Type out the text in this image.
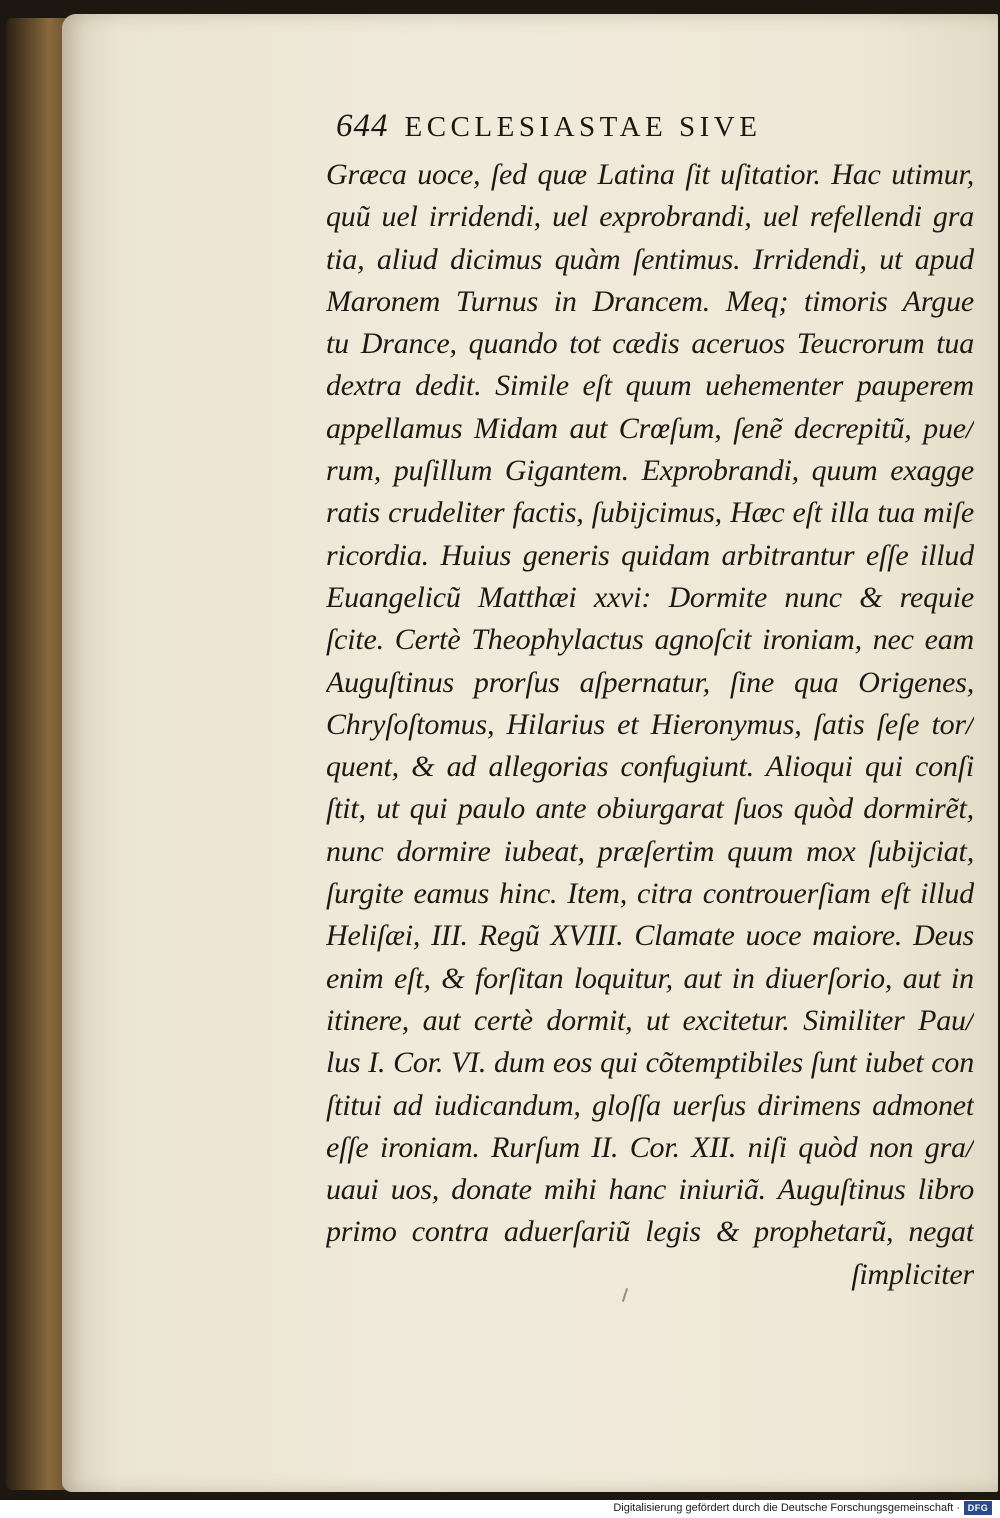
644 ECCLESIASTAE SIVE
Græca uoce, ſed quæ Latina ſit uſitatior. Hac utimur,
quũ uel irridendi, uel exprobrandi, uel refellendi gra
tia, aliud dicimus quàm ſentimus. Irridendi, ut apud
Maronem Turnus in Drancem. Meq; timoris Argue
tu Drance, quando tot cædis aceruos Teucrorum tua
dextra dedit. Simile eſt quum uehementer pauperem
appellamus Midam aut Crœſum, ſenẽ decrepitũ, pue/
rum, puſillum Gigantem. Exprobrandi, quum exagge
ratis crudeliter factis, ſubijcimus, Hæc eſt illa tua miſe
ricordia. Huius generis quidam arbitrantur eſſe illud
Euangelicũ Matthæi xxvi: Dormite nunc & requie
ſcite. Certè Theophylactus agnoſcit ironiam, nec eam
Auguſtinus prorſus aſpernatur, ſine qua Origenes,
Chryſoſtomus, Hilarius et Hieronymus, ſatis ſeſe tor/
quent, & ad allegorias confugiunt. Alioqui qui conſi
ſtit, ut qui paulo ante obiurgarat ſuos quòd dormirẽt,
nunc dormire iubeat, præſertim quum mox ſubijciat,
ſurgite eamus hinc. Item, citra controuerſiam eſt illud
Heliſæi, III. Regũ XVIII. Clamate uoce maiore. Deus
enim eſt, & forſitan loquitur, aut in diuerſorio, aut in
itinere, aut certè dormit, ut excitetur. Similiter Pau/
lus I. Cor. VI. dum eos qui cõtemptibiles ſunt iubet con
ſtitui ad iudicandum, gloſſa uerſus dirimens admonet
eſſe ironiam. Rurſum II. Cor. XII. niſi quòd non gra/
uaui uos, donate mihi hanc iniuriã. Auguſtinus libro
primo contra aduerſariũ legis & prophetarũ, negat
ſimpliciter
Digitalisierung gefördert durch die Deutsche Forschungsgemeinschaft · DFG
